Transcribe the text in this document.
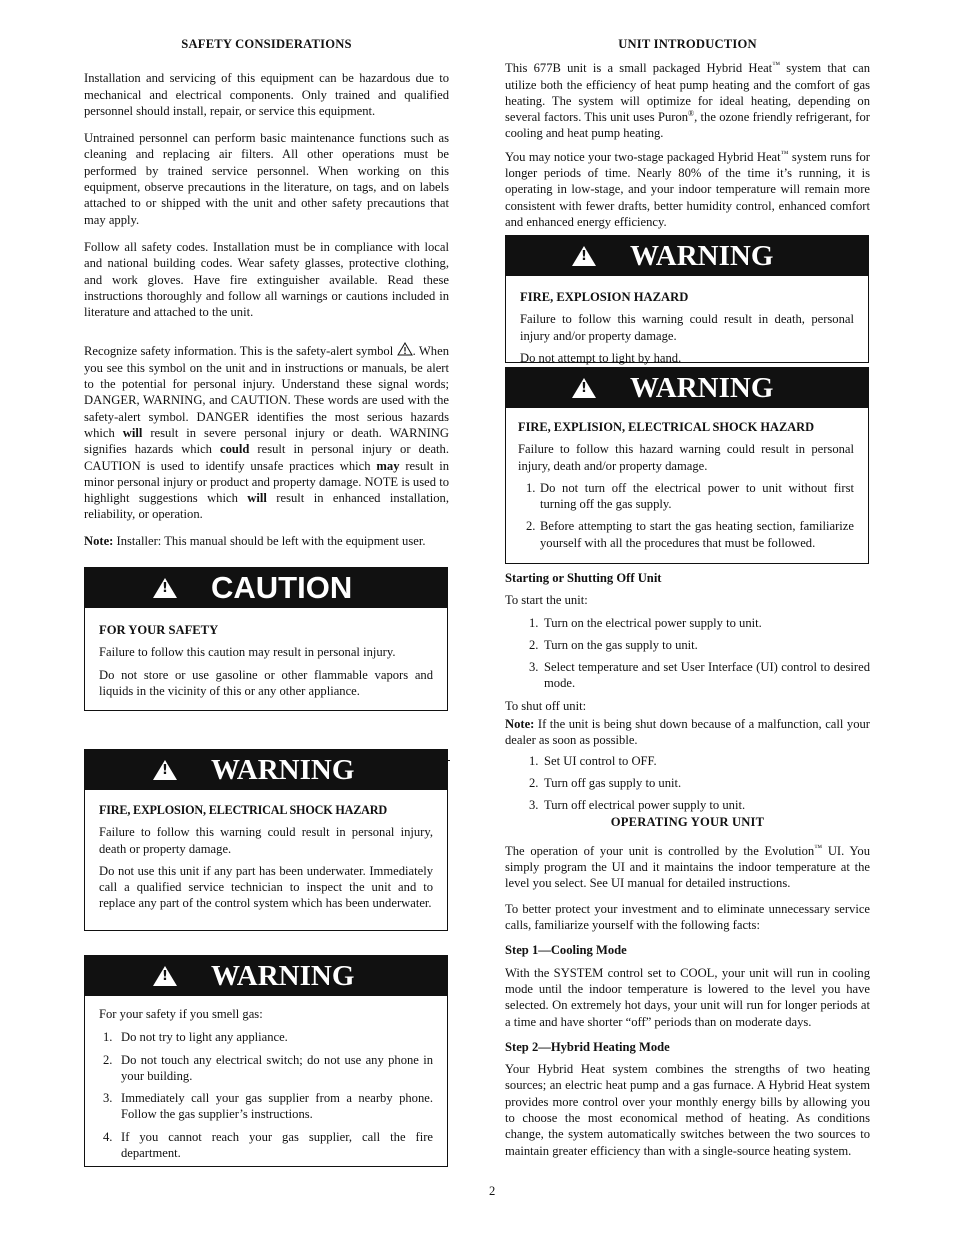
SAFETY CONSIDERATIONS

Installation and servicing of this equipment can be hazardous due to mechanical and electrical components. Only trained and qualified personnel should install, repair, or service this equipment.

Untrained personnel can perform basic maintenance functions such as cleaning and replacing air filters. All other operations must be performed by trained service personnel. When working on this equipment, observe precautions in the literature, on tags, and on labels attached to or shipped with the unit and other safety precautions that may apply.

Follow all safety codes. Installation must be in compliance with local and national building codes. Wear safety glasses, protective clothing, and work gloves. Have fire extinguisher available. Read these instructions thoroughly and follow all warnings or cautions included in literature and attached to the unit.

Recognize safety information. This is the safety‐alert symbol . When you see this symbol on the unit and in instructions or manuals, be alert to the potential for personal injury. Understand these signal words; DANGER, WARNING, and CAUTION. These words are used with the safety‐alert symbol. DANGER identifies the most serious hazards which will result in severe personal injury or death. WARNING signifies hazards which could result in personal injury or death. CAUTION is used to identify unsafe practices which may result in minor personal injury or product and property damage. NOTE is used to highlight suggestions which will result in enhanced installation, reliability, or operation.

Note: Installer: This manual should be left with the equipment user.

!
CAUTION

FOR YOUR SAFETY

Failure to follow this caution may result in personal injury.

Do not store or use gasoline or other flammable vapors and liquids in the vicinity of this or any other appliance.

!
WARNING

FIRE, EXPLOSION, ELECTRICAL SHOCK HAZARD

Failure to follow this warning could result in personal injury, death or property damage.

Do not use this unit if any part has been underwater. Immediately call a qualified service technician to inspect the unit and to replace any part of the control system which has been underwater.

!
WARNING

For your safety if you smell gas:

1. Do not try to light any appliance.
2. Do not touch any electrical switch; do not use any phone in your building.
3. Immediately call your gas supplier from a nearby phone. Follow the gas supplier’s instructions.
4. If you cannot reach your gas supplier, call the fire department.
UNIT INTRODUCTION

This 677B unit is a small packaged Hybrid Heat™ system that can utilize both the efficiency of heat pump heating and the comfort of gas heating. The system will optimize for ideal heating, depending on several factors. This unit uses Puron®, the ozone friendly refrigerant, for cooling and heat pump heating.

You may notice your two‐stage packaged Hybrid Heat™ system runs for longer periods of time. Nearly 80% of the time it’s running, it is operating in low‐stage, and your indoor temperature will remain more consistent with fewer drafts, better humidity control, enhanced comfort and enhanced energy efficiency.

!
WARNING

FIRE, EXPLOSION HAZARD

Failure to follow this warning could result in death, personal injury and/or property damage.

Do not attempt to light by hand.

!
WARNING

FIRE, EXPLISION, ELECTRICAL SHOCK HAZARD

Failure to follow this hazard warning could result in personal injury, death and/or property damage.

1. Do not turn off the electrical power to unit without first turning off the gas supply.
2. Before attempting to start the gas heating section, familiarize yourself with all the procedures that must be followed.

Starting or Shutting Off Unit

To start the unit:

1. Turn on the electrical power supply to unit.
2. Turn on the gas supply to unit.
3. Select temperature and set User Interface (UI) control to desired mode.

To shut off unit:

Note: If the unit is being shut down because of a malfunction, call your dealer as soon as possible.

1. Set UI control to OFF.
2. Turn off gas supply to unit.
3. Turn off electrical power supply to unit.
OPERATING YOUR UNIT

The operation of your unit is controlled by the Evolution™ UI. You simply program the UI and it maintains the indoor temperature at the level you select. See UI manual for detailed instructions.

To better protect your investment and to eliminate unnecessary service calls, familiarize yourself with the following facts:

Step 1—Cooling Mode

With the SYSTEM control set to COOL, your unit will run in cooling mode until the indoor temperature is lowered to the level you have selected. On extremely hot days, your unit will run for longer periods at a time and have shorter “off” periods than on moderate days.

Step 2—Hybrid Heating Mode

Your Hybrid Heat system combines the strengths of two heating sources; an electric heat pump and a gas furnace. A Hybrid Heat system provides more control over your monthly energy bills by allowing you to choose the most economical method of heating. As conditions change, the system automatically switches between the two sources to maintain greater efficiency than with a single‐source heating system.

2
